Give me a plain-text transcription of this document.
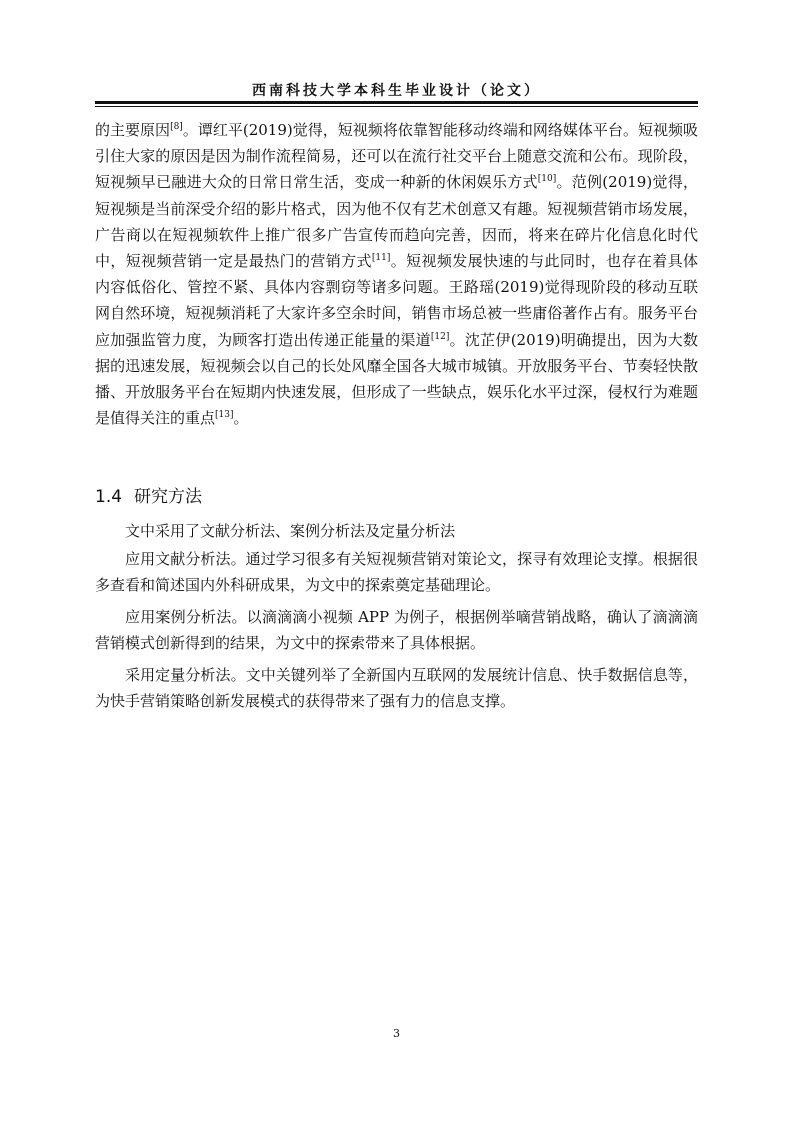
西南科技大学本科生毕业设计（论文）

的主要原因[8]。谭红平(2019)觉得，短视频将依靠智能移动终端和网络媒体平台。短视频吸引住大家的原因是因为制作流程简易，还可以在流行社交平台上随意交流和公布。现阶段，短视频早已融进大众的日常日常生活，变成一种新的休闲娱乐方式[10]。范例(2019)觉得，短视频是当前深受介绍的影片格式，因为他不仅有艺术创意又有趣。短视频营销市场发展，广告商以在短视频软件上推广很多广告宣传而趋向完善，因而，将来在碎片化信息化时代中，短视频营销一定是最热门的营销方式[11]。短视频发展快速的与此同时，也存在着具体内容低俗化、管控不紧、具体内容剽窃等诸多问题。王路瑶(2019)觉得现阶段的移动互联网自然环境，短视频消耗了大家许多空余时间，销售市场总被一些庸俗著作占有。服务平台应加强监管力度，为顾客打造出传递正能量的渠道[12]。沈芷伊(2019)明确提出，因为大数据的迅速发展，短视频会以自己的长处风靡全国各大城市城镇。开放服务平台、节奏轻快散播、开放服务平台在短期内快速发展，但形成了一些缺点，娱乐化水平过深，侵权行为难题是值得关注的重点[13]。

1.4 研究方法

文中采用了文献分析法、案例分析法及定量分析法

应用文献分析法。通过学习很多有关短视频营销对策论文，探寻有效理论支撑。根据很多查看和简述国内外科研成果，为文中的探索奠定基础理论。

应用案例分析法。以滴滴滴小视频 APP 为例子，根据例举嘀营销战略，确认了滴滴滴营销模式创新得到的结果，为文中的探索带来了具体根据。

采用定量分析法。文中关键列举了全新国内互联网的发展统计信息、快手数据信息等，为快手营销策略创新发展模式的获得带来了强有力的信息支撑。

3
